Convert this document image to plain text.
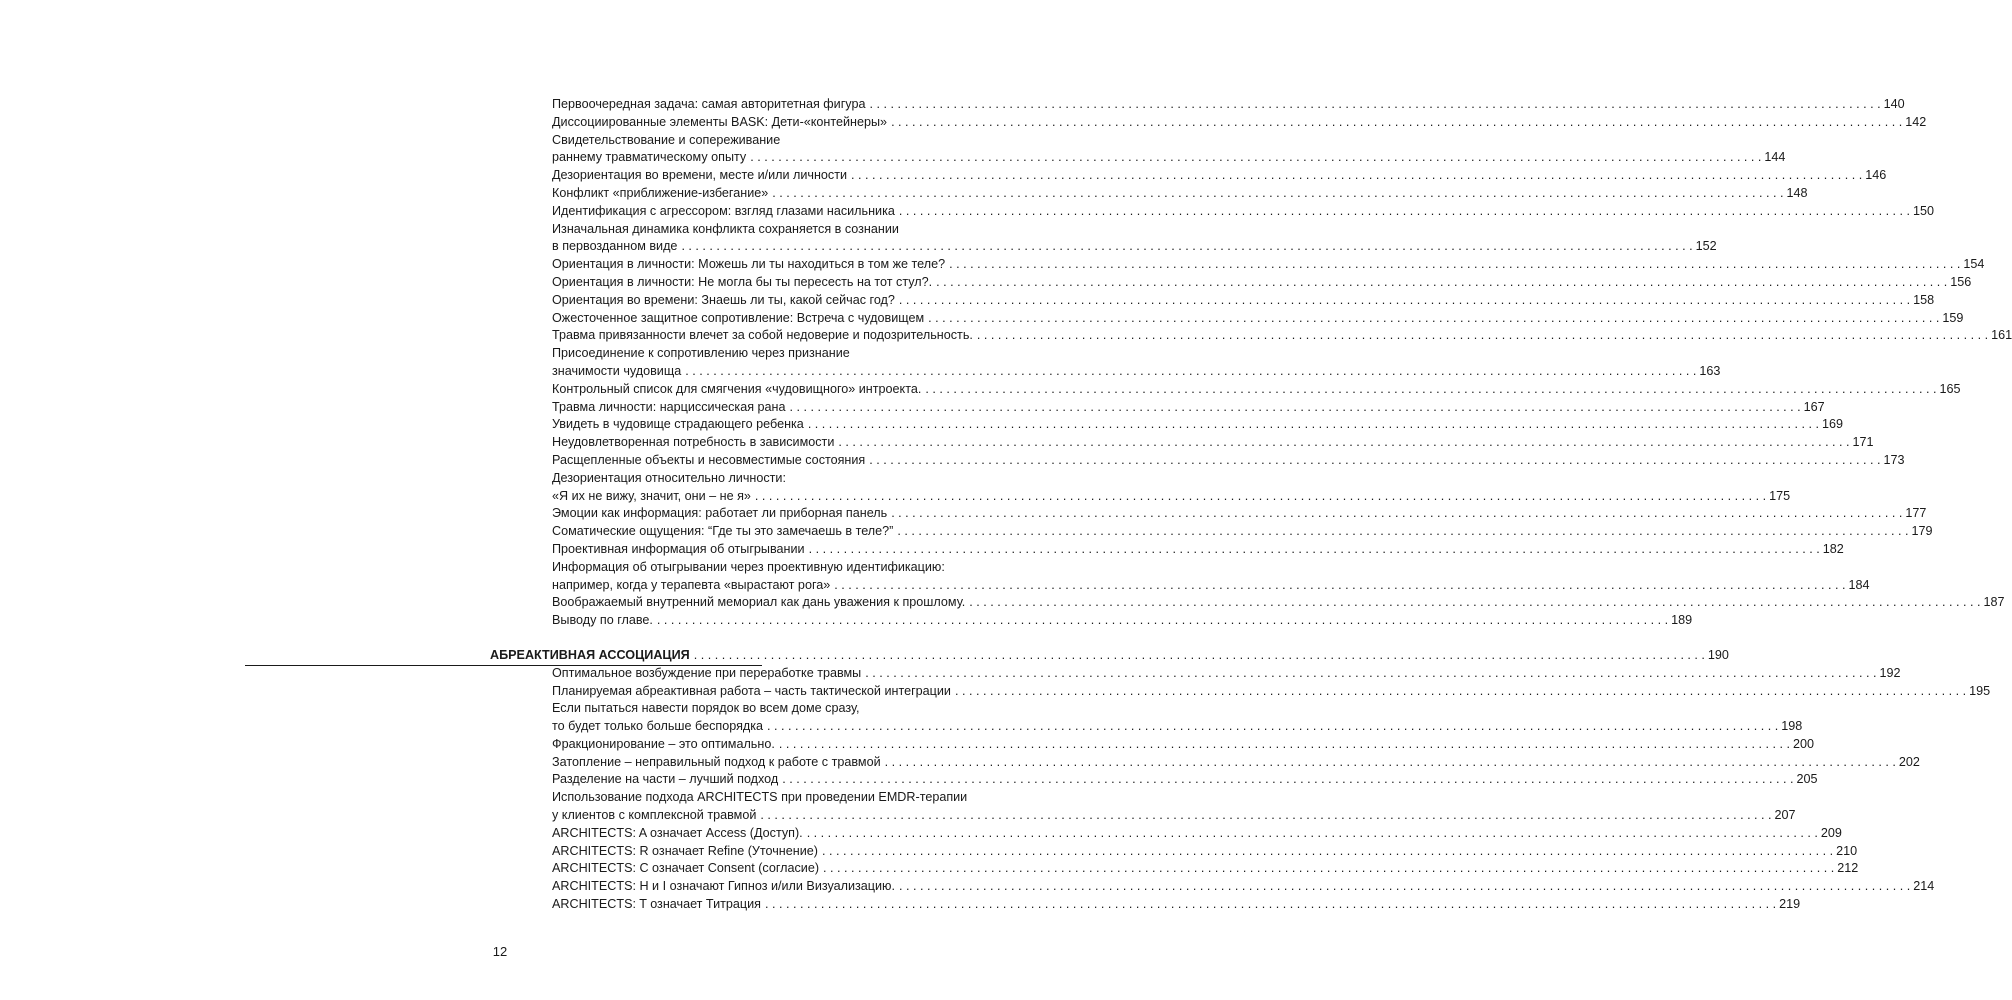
Первоочередная задача: самая авторитетная фигура . . .	140
Диссоциированные элементы BASK: Дети-«контейнеры» . . .	142
Свидетельствование и сопереживание
раннему травматическому опыту . . .	144
Дезориентация во времени, месте и/или личности . . .	146
Конфликт «приближение-избегание» . . .	148
Идентификация с агрессором: взгляд глазами насильника . . .	150
Изначальная динамика конфликта сохраняется в сознании
в первозданном виде . . .	152
Ориентация в личности: Можешь ли ты находиться в том же теле? . . .	154
Ориентация в личности: Не могла бы ты пересесть на тот стул?. . . .	156
Ориентация во времени: Знаешь ли ты, какой сейчас год? . . .	158
Ожесточенное защитное сопротивление: Встреча с чудовищем . . .	159
Травма привязанности влечет за собой недоверие и подозрительность. . . .	161
Присоединение к сопротивлению через признание
значимости чудовища . . .	163
Контрольный список для смягчения «чудовищного» интроекта. . . .	165
Травма личности: нарциссическая рана . . .	167
Увидеть в чудовище страдающего ребенка . . .	169
Неудовлетворенная потребность в зависимости . . .	171
Расщепленные объекты и несовместимые состояния . . .	173
Дезориентация относительно личности:
«Я их не вижу, значит, они – не я» . . .	175
Эмоции как информация: работает ли приборная панель . . .	177
Соматические ощущения: “Где ты это замечаешь в теле?” . . .	179
Проективная информация об отыгрывании . . .	182
Информация об отыгрывании через проективную идентификацию:
например, когда у терапевта «вырастают рога» . . .	184
Воображаемый внутренний мемориал как дань уважения к прошлому. . . .	187
Выводу по главе. . . .	189
АБРЕАКТИВНАЯ АССОЦИАЦИЯ . . .	190
Оптимальное возбуждение при переработке травмы . . .	192
Планируемая абреактивная работа – часть тактической интеграции . . .	195
Если пытаться навести порядок во всем доме сразу,
то будет только больше беспорядка . . .	198
Фракционирование – это оптимально. . . .	200
Затопление – неправильный подход к работе с травмой . . .	202
Разделение на части – лучший подход . . .	205
Использование подхода ARCHITECTS при проведении EMDR-терапии
у клиентов с комплексной травмой . . .	207
ARCHITECTS: A означает Access (Доступ). . . .	209
ARCHITECTS: R означает Refine (Уточнение) . . .	210
ARCHITECTS: C означает Consent (согласие) . . .	212
ARCHITECTS: H и I означают Гипноз и/или Визуализацию. . . .	214
ARCHITECTS: T означает Титрация . . .	219
12
